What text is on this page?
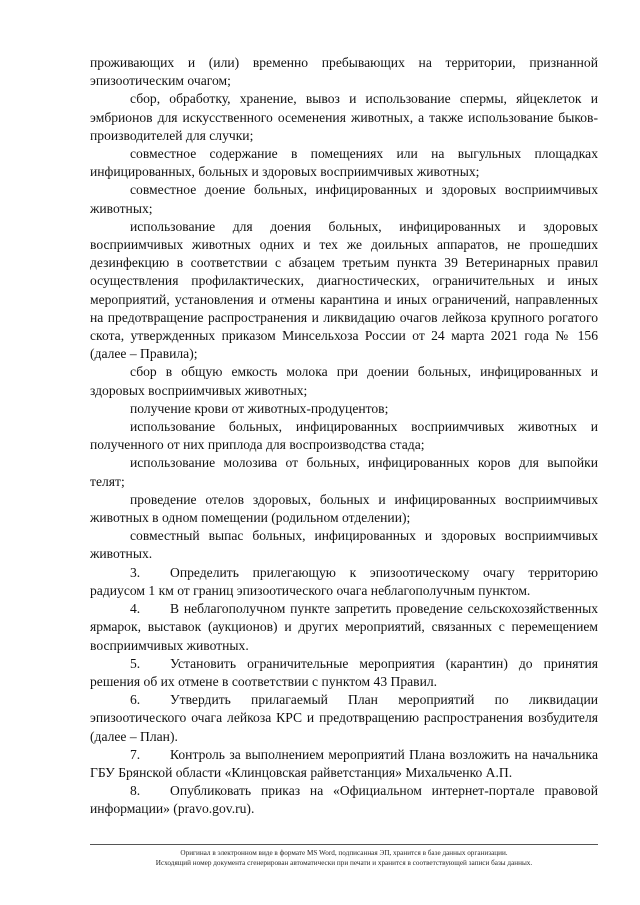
проживающих и (или) временно пребывающих на территории, признанной эпизоотическим очагом;

сбор, обработку, хранение, вывоз и использование спермы, яйцеклеток и эмбрионов для искусственного осеменения животных, а также использование быков-производителей для случки;

совместное содержание в помещениях или на выгульных площадках инфицированных, больных и здоровых восприимчивых животных;

совместное доение больных, инфицированных и здоровых восприимчивых животных;

использование для доения больных, инфицированных и здоровых восприимчивых животных одних и тех же доильных аппаратов, не прошедших дезинфекцию в соответствии с абзацем третьим пункта 39 Ветеринарных правил осуществления профилактических, диагностических, ограничительных и иных мероприятий, установления и отмены карантина и иных ограничений, направленных на предотвращение распространения и ликвидацию очагов лейкоза крупного рогатого скота, утвержденных приказом Минсельхоза России от 24 марта 2021 года № 156 (далее – Правила);

сбор в общую емкость молока при доении больных, инфицированных и здоровых восприимчивых животных;

получение крови от животных-продуцентов;

использование больных, инфицированных восприимчивых животных и полученного от них приплода для воспроизводства стада;

использование молозива от больных, инфицированных коров для выпойки телят;

проведение отелов здоровых, больных и инфицированных восприимчивых животных в одном помещении (родильном отделении);

совместный выпас больных, инфицированных и здоровых восприимчивых животных.

3. Определить прилегающую к эпизоотическому очагу территорию радиусом 1 км от границ эпизоотического очага неблагополучным пунктом.

4. В неблагополучном пункте запретить проведение сельскохозяйственных ярмарок, выставок (аукционов) и других мероприятий, связанных с перемещением восприимчивых животных.

5. Установить ограничительные мероприятия (карантин) до принятия решения об их отмене в соответствии с пунктом 43 Правил.

6. Утвердить прилагаемый План мероприятий по ликвидации эпизоотического очага лейкоза КРС и предотвращению распространения возбудителя (далее – План).

7. Контроль за выполнением мероприятий Плана возложить на начальника ГБУ Брянской области «Клинцовская райветстанция» Михальченко А.П.

8. Опубликовать приказ на «Официальном интернет-портале правовой информации» (pravo.gov.ru).

Оригинал в электронном виде в формате MS Word, подписанная ЭП, хранится в базе данных организации.
Исходящий номер документа сгенерирован автоматически при печати и хранится в соответствующей записи базы данных.
